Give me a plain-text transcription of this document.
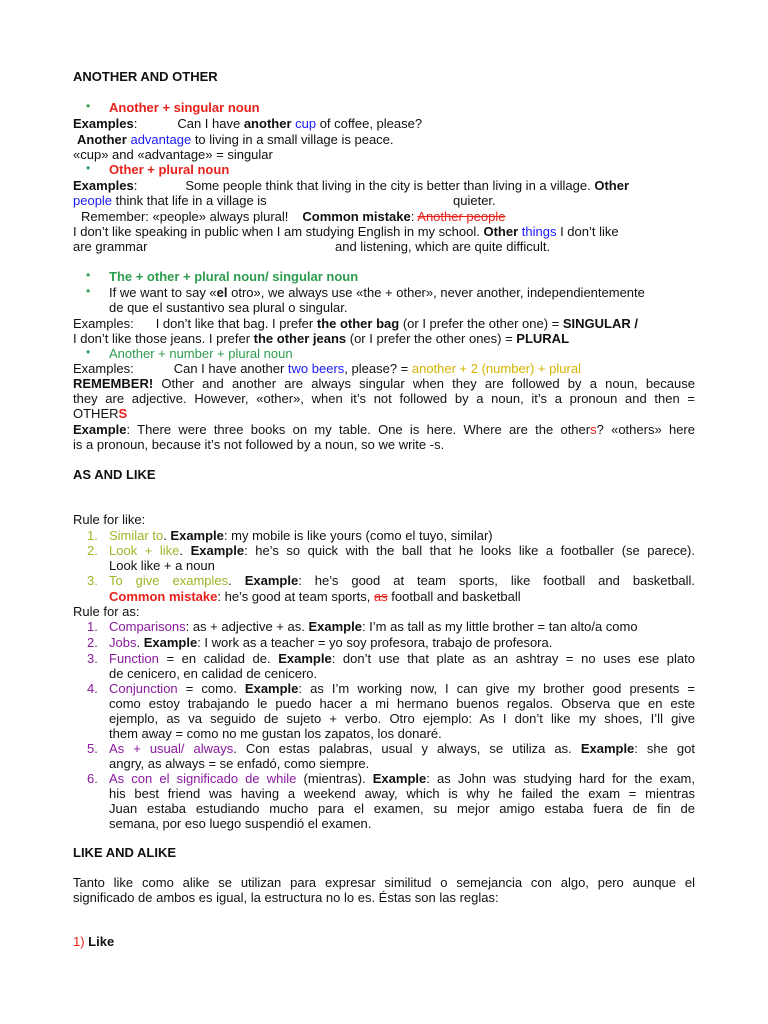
ANOTHER AND OTHER
• Another + singular noun
Examples:	Can I have another cup of coffee, please?
Another advantage to living in a small village is peace.
«cup» and «advantage» = singular
• Other + plural noun
Examples:	Some people think that living in the city is better than living in a village. Other
people think that life in a village is	quieter.
Remember: «people» always plural! Common mistake: Another people
I don’t like speaking in public when I am studying English in my school. Other things I don’t like
are grammar	and listening, which are quite difficult.
• The + other + plural noun/ singular noun
• If we want to say «el otro», we always use «the + other», never another, independientemente
de que el sustantivo sea plural o singular.
Examples: I don’t like that bag. I prefer the other bag (or I prefer the other one) = SINGULAR /
I don’t like those jeans. I prefer the other jeans (or I prefer the other ones) = PLURAL
• Another + number + plural noun
Examples:	Can I have another two beers, please? = another + 2 (number) + plural
REMEMBER! Other and another are always singular when they are followed by a noun, because
they are adjective. However, «other», when it’s not followed by a noun, it’s a pronoun and then =
OTHERS
Example: There were three books on my table. One is here. Where are the others? «others» here
is a pronoun, because it’s not followed by a noun, so we write -s.
AS AND LIKE
Rule for like:
1. Similar to. Example: my mobile is like yours (como el tuyo, similar)
2. Look + like. Example: he’s so quick with the ball that he looks like a footballer (se parece).
Look like + a noun
3. To give examples. Example: he’s good at team sports, like football and basketball.
Common mistake: he’s good at team sports, as football and basketball
Rule for as:
1. Comparisons: as + adjective + as. Example: I’m as tall as my little brother = tan alto/a como
2. Jobs. Example: I work as a teacher = yo soy profesora, trabajo de profesora.
3. Function = en calidad de. Example: don’t use that plate as an ashtray = no uses ese plato
de cenicero, en calidad de cenicero.
4. Conjunction = como. Example: as I’m working now, I can give my brother good presents =
como estoy trabajando le puedo hacer a mi hermano buenos regalos. Observa que en este
ejemplo, as va seguido de sujeto + verbo. Otro ejemplo: As I don’t like my shoes, I’ll give
them away = como no me gustan los zapatos, los donaré.
5. As + usual/ always. Con estas palabras, usual y always, se utiliza as. Example: she got
angry, as always = se enfadó, como siempre.
6. As con el significado de while (mientras). Example: as John was studying hard for the exam,
his best friend was having a weekend away, which is why he failed the exam = mientras
Juan estaba estudiando mucho para el examen, su mejor amigo estaba fuera de fin de
semana, por eso luego suspendió el examen.
LIKE AND ALIKE
Tanto like como alike se utilizan para expresar similitud o semejancia con algo, pero aunque el
significado de ambos es igual, la estructura no lo es. Éstas son las reglas:
1) Like
